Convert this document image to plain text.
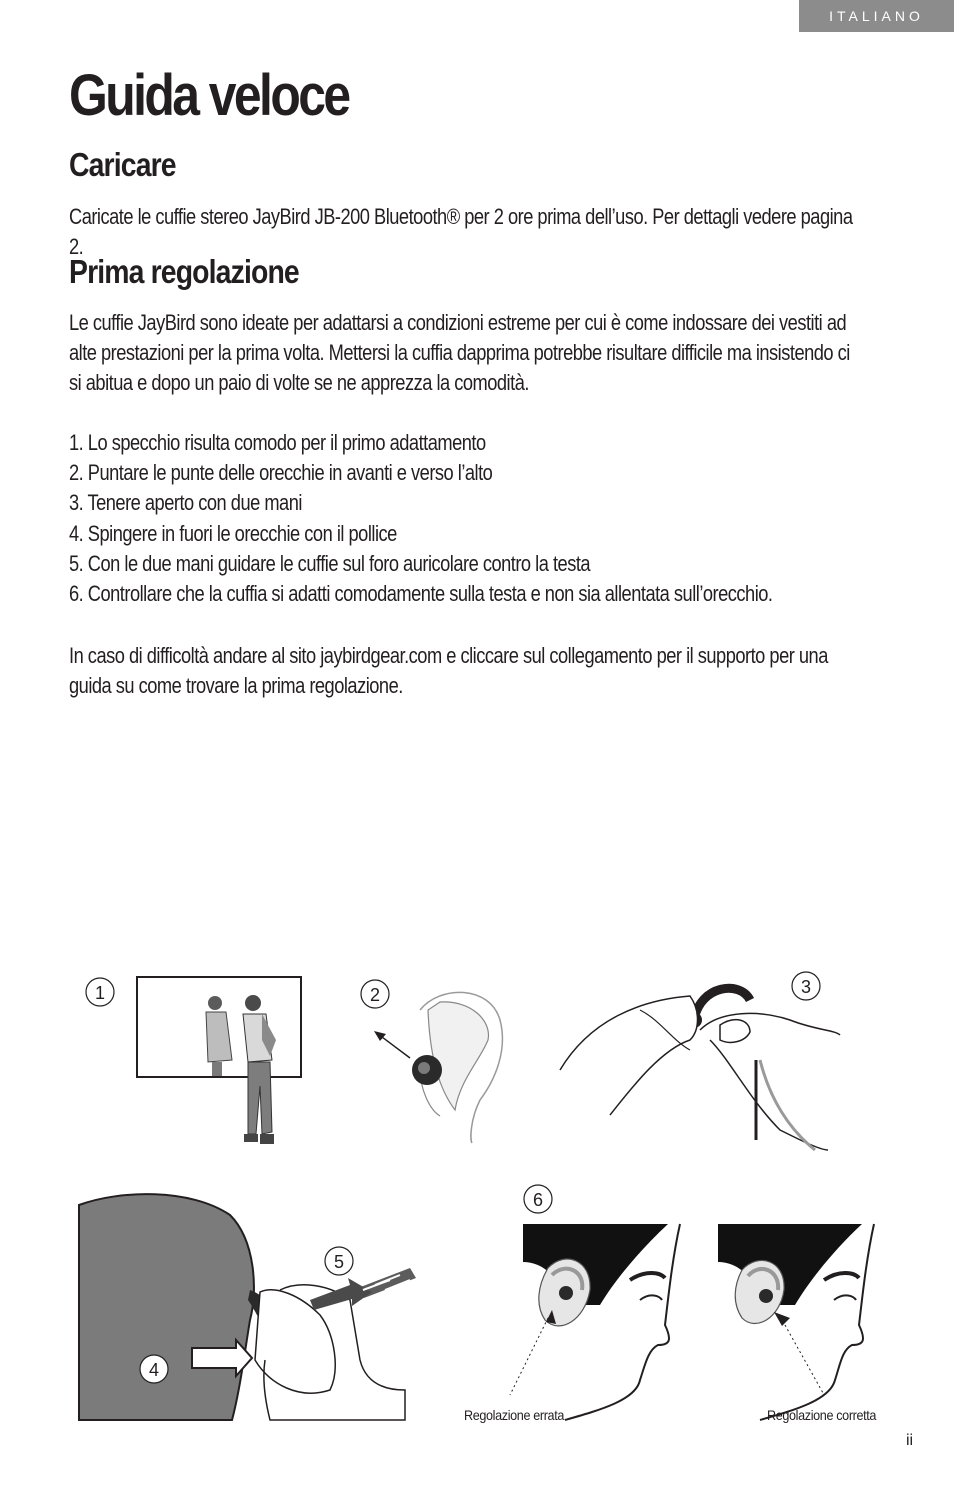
ITALIANO
Guida veloce
Caricare

Caricate le cuffie stereo JayBird JB-200 Bluetooth® per 2 ore prima dell’uso. Per dettagli vedere pagina 2.

Prima regolazione

Le cuffie JayBird sono ideate per adattarsi a condizioni estreme per cui è come indossare dei vestiti ad alte prestazioni per la prima volta. Mettersi la cuffia dapprima potrebbe risultare difficile ma insistendo ci si abitua e dopo un paio di volte se ne apprezza la comodità.

1. Lo specchio risulta comodo per il primo adattamento
2. Puntare le punte delle orecchie in avanti e verso l’alto
3. Tenere aperto con due mani
4. Spingere in fuori le orecchie con il pollice
5. Con le due mani guidare le cuffie sul foro auricolare contro la testa
6. Controllare che la cuffia si adatti comodamente sulla testa e non sia allentata sull’orecchio.

In caso di difficoltà andare al sito jaybirdgear.com e cliccare sul collegamento per il supporto per una guida su come trovare la prima regolazione.

1	2	3
4
5
6
Regolazione errata	Regolazione corretta
ii
